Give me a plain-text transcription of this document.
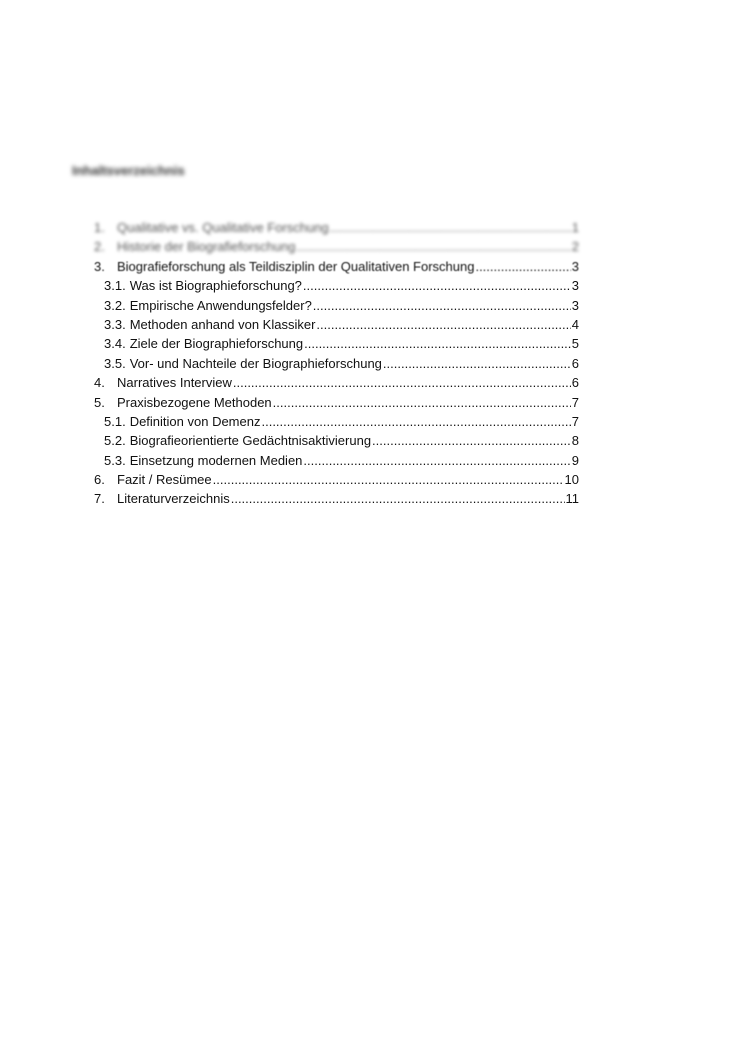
Inhaltsverzeichnis
1. Qualitative vs. Qualitative Forschung .....	1
2. Historie der Biografieforschung .....	2
3. Biografieforschung als Teildisziplin der Qualitativen Forschung .....	3
3.1. Was ist Biographieforschung? .....	3
3.2. Empirische Anwendungsfelder? .....	3
3.3. Methoden anhand von Klassiker .....	4
3.4. Ziele der Biographieforschung .....	5
3.5. Vor- und Nachteile der Biographieforschung .....	6
4. Narratives Interview .....	6
5. Praxisbezogene Methoden .....	7
5.1. Definition von Demenz .....	7
5.2. Biografieorientierte Gedächtnisaktivierung .....	8
5.3. Einsetzung modernen Medien .....	9
6. Fazit / Resümee .....	10
7. Literaturverzeichnis .....	11
